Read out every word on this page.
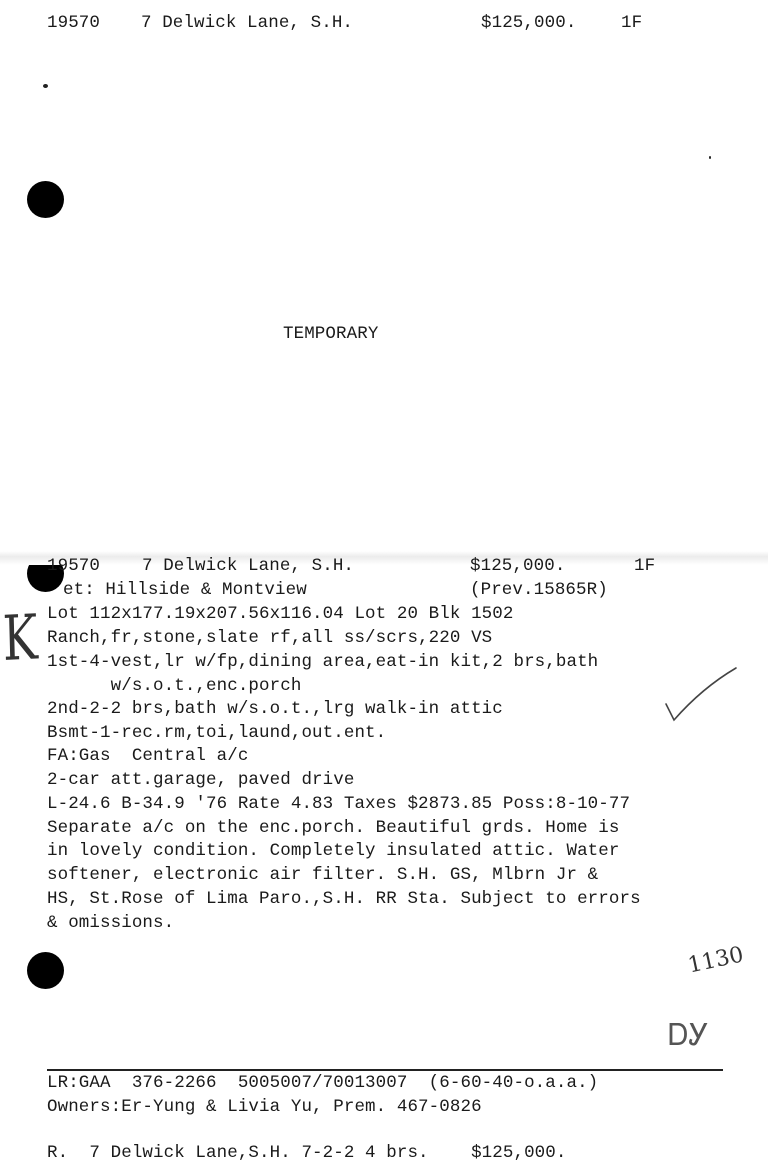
19570 7 Delwick Lane, S.H.	$125,000.	1F
TEMPORARY
19570 7 Delwick Lane, S.H.	$125,000.	1F
et: Hillside & Montview	(Prev.15865R)
Lot 112x177.19x207.56x116.04 Lot 20 Blk 1502
Ranch,fr,stone,slate rf,all ss/scrs,220 VS
1st-4-vest,lr w/fp,dining area,eat-in kit,2 brs,bath
w/s.o.t.,enc.porch
2nd-2-2 brs,bath w/s.o.t.,lrg walk-in attic
Bsmt-1-rec.rm,toi,laund,out.ent.
FA:Gas  Central a/c
2-car att.garage, paved drive
L-24.6 B-34.9 '76 Rate 4.83 Taxes $2873.85 Poss:8-10-77
Separate a/c on the enc.porch. Beautiful grds. Home is
in lovely condition. Completely insulated attic. Water
softener, electronic air filter. S.H. GS, Mlbrn Jr &
HS, St.Rose of Lima Paro.,S.H. RR Sta. Subject to errors
& omissions.
K
1130
ᎠᎩ
LR:GAA  376-2266  5005007/70013007  (6-60-40-o.a.a.)
Owners:Er-Yung & Livia Yu, Prem. 467-0826
R.  7 Delwick Lane,S.H. 7-2-2 4 brs.    $125,000.
